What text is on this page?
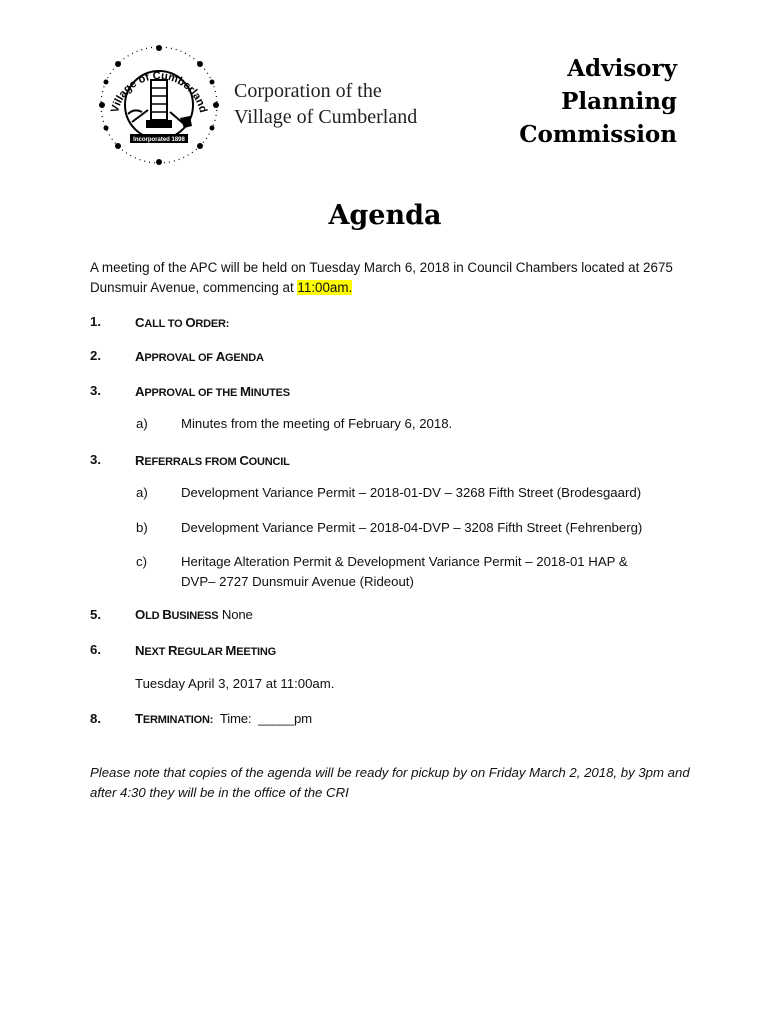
Village of Cumberland
Incorporated 1898
Corporation of the
Village of Cumberland
Advisory
Planning
Commission
Agenda
A meeting of the APC will be held on Tuesday March 6, 2018 in Council Chambers located at 2675 Dunsmuir Avenue, commencing at 11:00am.
1.	CALL TO ORDER:
2.	APPROVAL OF AGENDA
3.	APPROVAL OF THE MINUTES
a)	Minutes from the meeting of February 6, 2018.
3.	REFERRALS FROM COUNCIL
a)	Development Variance Permit – 2018-01-DV – 3268 Fifth Street (Brodesgaard)
b)	Development Variance Permit – 2018-04-DVP – 3208 Fifth Street (Fehrenberg)
c)	Heritage Alteration Permit & Development Variance Permit – 2018-01 HAP & DVP– 2727 Dunsmuir Avenue (Rideout)
5.	OLD BUSINESS None
6.	NEXT REGULAR MEETING
Tuesday April 3, 2017 at 11:00am.
8.	TERMINATION:  Time:  _____pm
Please note that copies of the agenda will be ready for pickup by on Friday March 2, 2018, by 3pm and after 4:30 they will be in the office of the CRI
